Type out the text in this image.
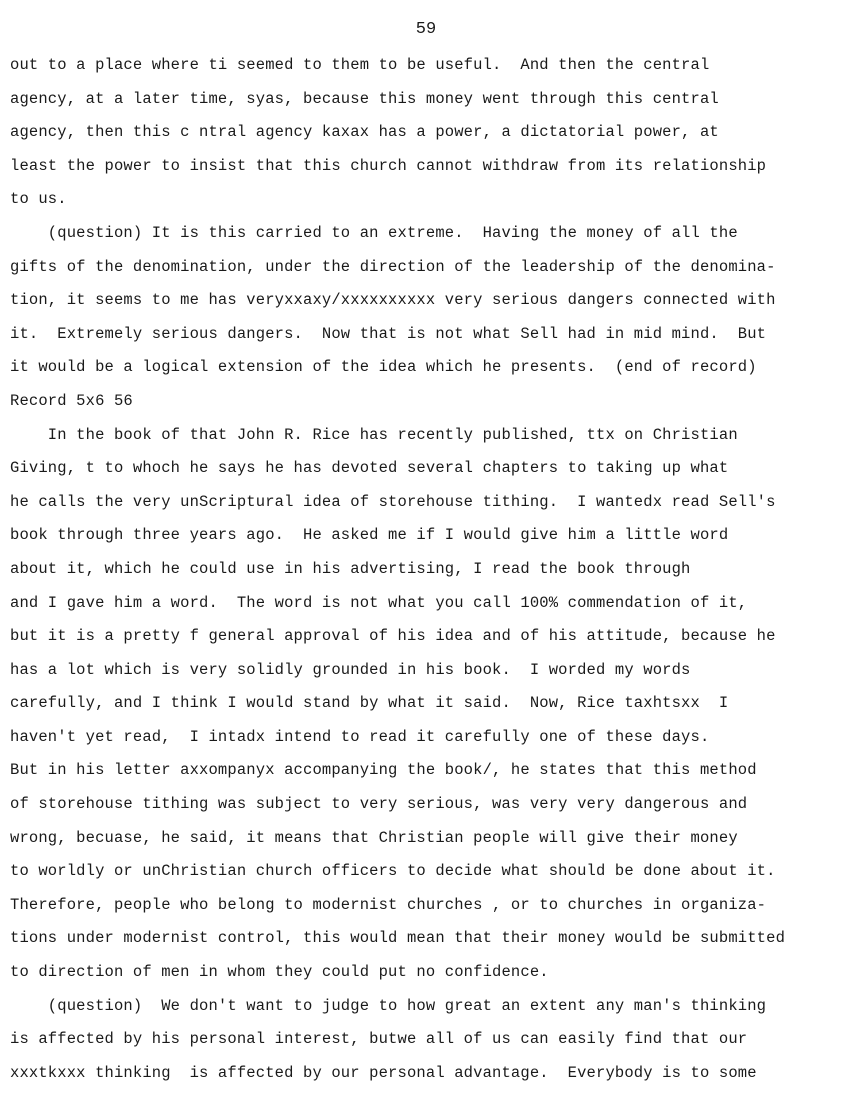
59
out to a place where ti seemed to them to be useful.  And then the central
agency, at a later time, syas, because this money went through this central
agency, then this c ntral agency kaxax has a power, a dictatorial power, at
least the power to insist that this church cannot withdraw from its relationship
to us.
(question) It is this carried to an extreme.  Having the money of all the
gifts of the denomination, under the direction of the leadership of the denomina-
tion, it seems to me has veryxxaxy/xxxxxxxxxx very serious dangers connected with
it.  Extremely serious dangers.  Now that is not what Sell had in mid mind.  But
it would be a logical extension of the idea which he presents.  (end of record)
Record 5x6 56
In the book of that John R. Rice has recently published, ttx on Christian
Giving, t to whoch he says he has devoted several chapters to taking up what
he calls the very unScriptural idea of storehouse tithing.  I wantedx read Sell's
book through three years ago.  He asked me if I would give him a little word
about it, which he could use in his advertising, I read the book through
and I gave him a word.  The word is not what you call 100% commendation of it,
but it is a pretty f general approval of his idea and of his attitude, because he
has a lot which is very solidly grounded in his book.  I worded my words
carefully, and I think I would stand by what it said.  Now, Rice taxhtsxx  I
haven't yet read,  I intadx intend to read it carefully one of these days.
But in his letter axxompanyx accompanying the book/, he states that this method
of storehouse tithing was subject to very serious, was very very dangerous and
wrong, becuase, he said, it means that Christian people will give their money
to worldly or unChristian church officers to decide what should be done about it.
Therefore, people who belong to modernist churches , or to churches in organiza-
tions under modernist control, this would mean that their money would be submitted
to direction of men in whom they could put no confidence.
(question)  We don't want to judge to how great an extent any man's thinking
is affected by his personal interest, butwe all of us can easily find that our
xxxtkxxx thinking  is affected by our personal advantage.  Everybody is to some
